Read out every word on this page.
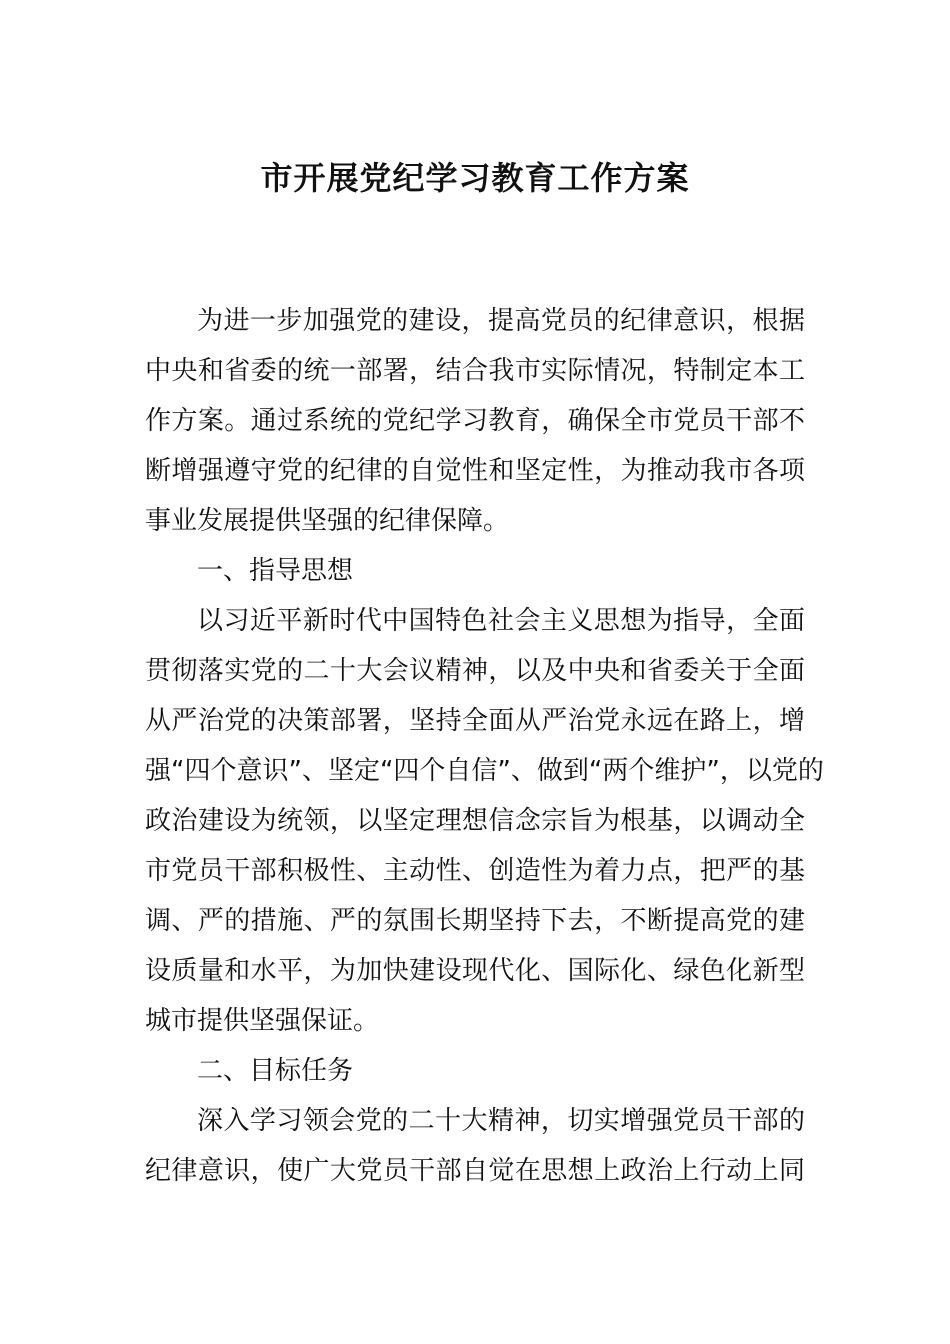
市开展党纪学习教育工作方案
为进一步加强党的建设，提高党员的纪律意识，根据
中央和省委的统一部署，结合我市实际情况，特制定本工
作方案。通过系统的党纪学习教育，确保全市党员干部不
断增强遵守党的纪律的自觉性和坚定性，为推动我市各项
事业发展提供坚强的纪律保障。
一、指导思想
以习近平新时代中国特色社会主义思想为指导，全面
贯彻落实党的二十大会议精神，以及中央和省委关于全面
从严治党的决策部署，坚持全面从严治党永远在路上，增
强“四个意识”、坚定“四个自信”、做到“两个维护”，以党的
政治建设为统领，以坚定理想信念宗旨为根基，以调动全
市党员干部积极性、主动性、创造性为着力点，把严的基
调、严的措施、严的氛围长期坚持下去，不断提高党的建
设质量和水平，为加快建设现代化、国际化、绿色化新型
城市提供坚强保证。
二、目标任务
深入学习领会党的二十大精神，切实增强党员干部的
纪律意识，使广大党员干部自觉在思想上政治上行动上同
